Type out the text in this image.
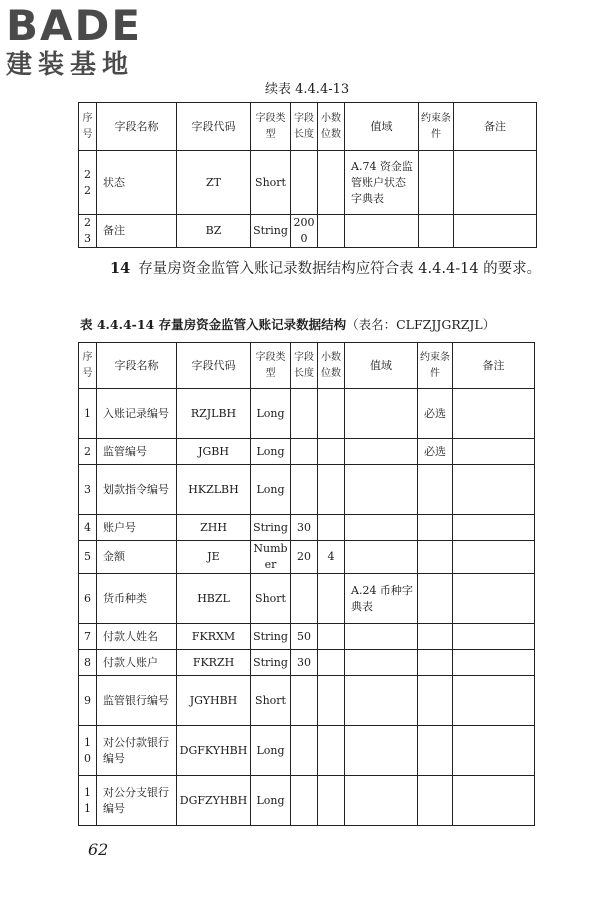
BADE
建装基地
续表 4.4.4-13
序号	字段名称	字段代码	字段类型	字段长度	小数位数	值域	约束条件	备注
22	状态	ZT	Short			A.74 资金监管账户状态字典表		
23	备注	BZ	String	2000				
14 存量房资金监管入账记录数据结构应符合表 4.4.4-14 的要求。
表 4.4.4-14 存量房资金监管入账记录数据结构（表名：CLFZJJGRZJL）
序号	字段名称	字段代码	字段类型	字段长度	小数位数	值域	约束条件	备注
1	入账记录编号	RZJLBH	Long				必选	
2	监管编号	JGBH	Long				必选	
3	划款指令编号	HKZLBH	Long					
4	账户号	ZHH	String	30				
5	金额	JE	Number	20	4			
6	货币种类	HBZL	Short			A.24 币种字典表		
7	付款人姓名	FKRXM	String	50				
8	付款人账户	FKRZH	String	30				
9	监管银行编号	JGYHBH	Short					
10	对公付款银行编号	DGFKYHBH	Long					
11	对公分支银行编号	DGFZYHBH	Long					
62
